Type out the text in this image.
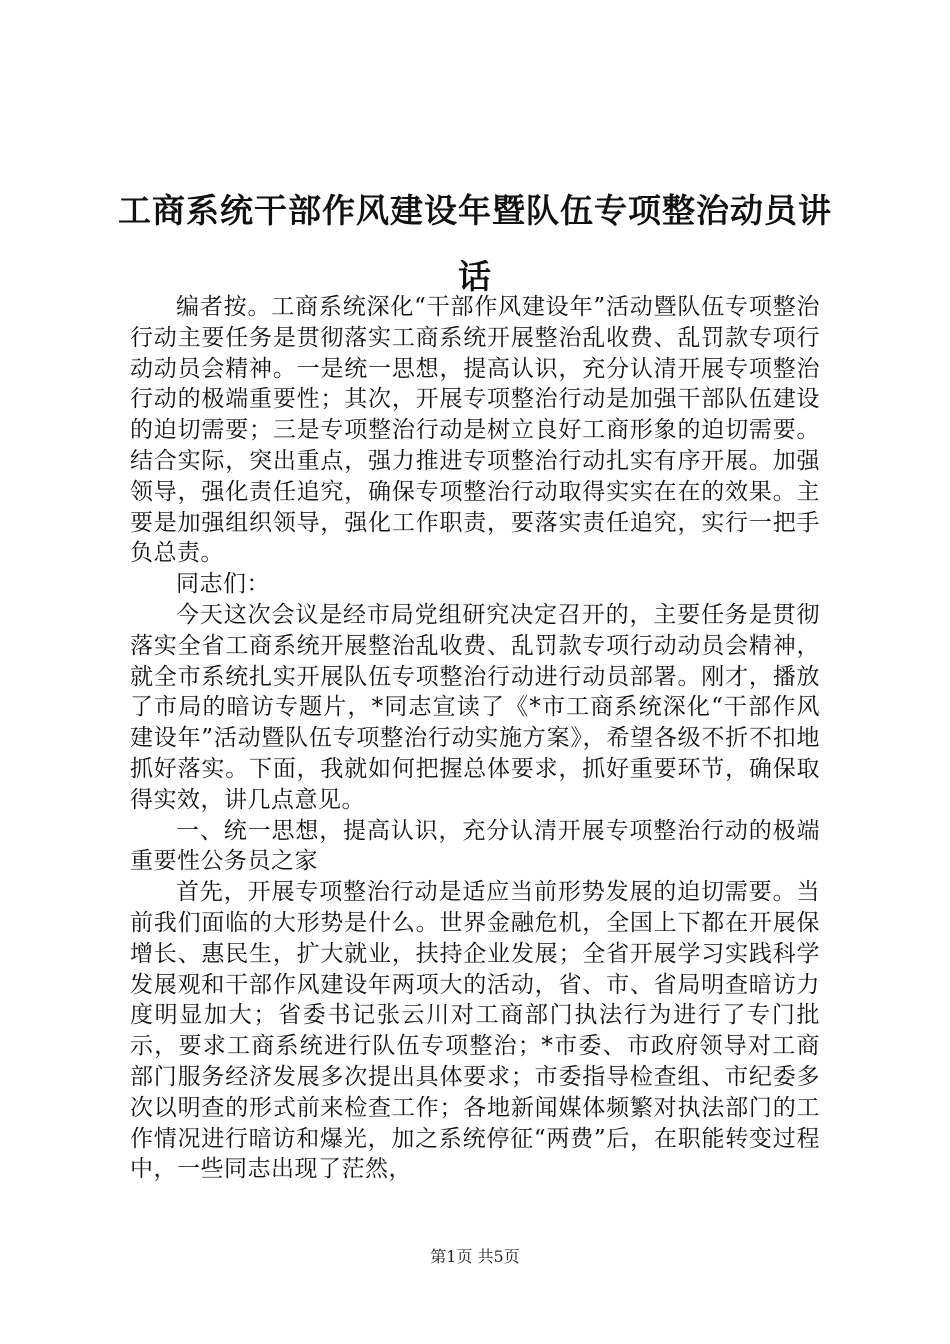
工商系统干部作风建设年暨队伍专项整治动员讲话

编者按。工商系统深化“干部作风建设年”活动暨队伍专项整治行动主要任务是贯彻落实工商系统开展整治乱收费、乱罚款专项行动动员会精神。一是统一思想，提高认识，充分认清开展专项整治行动的极端重要性；其次，开展专项整治行动是加强干部队伍建设的迫切需要；三是专项整治行动是树立良好工商形象的迫切需要。结合实际，突出重点，强力推进专项整治行动扎实有序开展。加强领导，强化责任追究，确保专项整治行动取得实实在在的效果。主要是加强组织领导，强化工作职责，要落实责任追究，实行一把手负总责。

同志们：

今天这次会议是经市局党组研究决定召开的，主要任务是贯彻落实全省工商系统开展整治乱收费、乱罚款专项行动动员会精神，就全市系统扎实开展队伍专项整治行动进行动员部署。刚才，播放了市局的暗访专题片，*同志宣读了《*市工商系统深化“干部作风建设年”活动暨队伍专项整治行动实施方案》，希望各级不折不扣地抓好落实。下面，我就如何把握总体要求，抓好重要环节，确保取得实效，讲几点意见。

一、统一思想，提高认识，充分认清开展专项整治行动的极端重要性公务员之家

首先，开展专项整治行动是适应当前形势发展的迫切需要。当前我们面临的大形势是什么。世界金融危机，全国上下都在开展保增长、惠民生，扩大就业，扶持企业发展；全省开展学习实践科学发展观和干部作风建设年两项大的活动，省、市、省局明查暗访力度明显加大；省委书记张云川对工商部门执法行为进行了专门批示，要求工商系统进行队伍专项整治；*市委、市政府领导对工商部门服务经济发展多次提出具体要求；市委指导检查组、市纪委多次以明查的形式前来检查工作；各地新闻媒体频繁对执法部门的工作情况进行暗访和爆光，加之系统停征“两费”后，在职能转变过程中，一些同志出现了茫然，

第1页 共5页
